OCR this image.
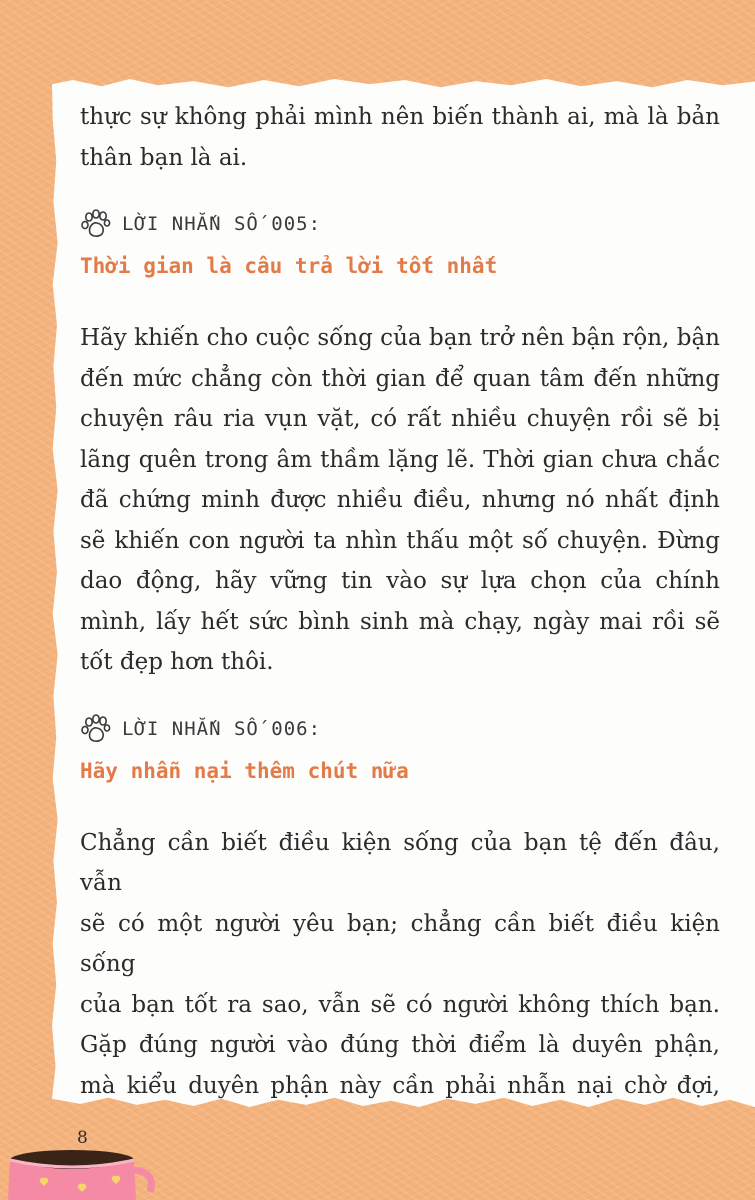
thực sự không phải mình nên biến thành ai, mà là bản
thân bạn là ai.

LỜI NHẮN SỐ 005:
Thời gian là câu trả lời tốt nhất

Hãy khiến cho cuộc sống của bạn trở nên bận rộn, bận
đến mức chẳng còn thời gian để quan tâm đến những
chuyện râu ria vụn vặt, có rất nhiều chuyện rồi sẽ bị
lãng quên trong âm thầm lặng lẽ. Thời gian chưa chắc
đã chứng minh được nhiều điều, nhưng nó nhất định
sẽ khiến con người ta nhìn thấu một số chuyện. Đừng
dao động, hãy vững tin vào sự lựa chọn của chính
mình, lấy hết sức bình sinh mà chạy, ngày mai rồi sẽ
tốt đẹp hơn thôi.

LỜI NHẮN SỐ 006:
Hãy nhẫn nại thêm chút nữa

Chẳng cần biết điều kiện sống của bạn tệ đến đâu, vẫn
sẽ có một người yêu bạn; chẳng cần biết điều kiện sống
của bạn tốt ra sao, vẫn sẽ có người không thích bạn.
Gặp đúng người vào đúng thời điểm là duyên phận,
mà kiểu duyên phận này cần phải nhẫn nại chờ đợi,

8
